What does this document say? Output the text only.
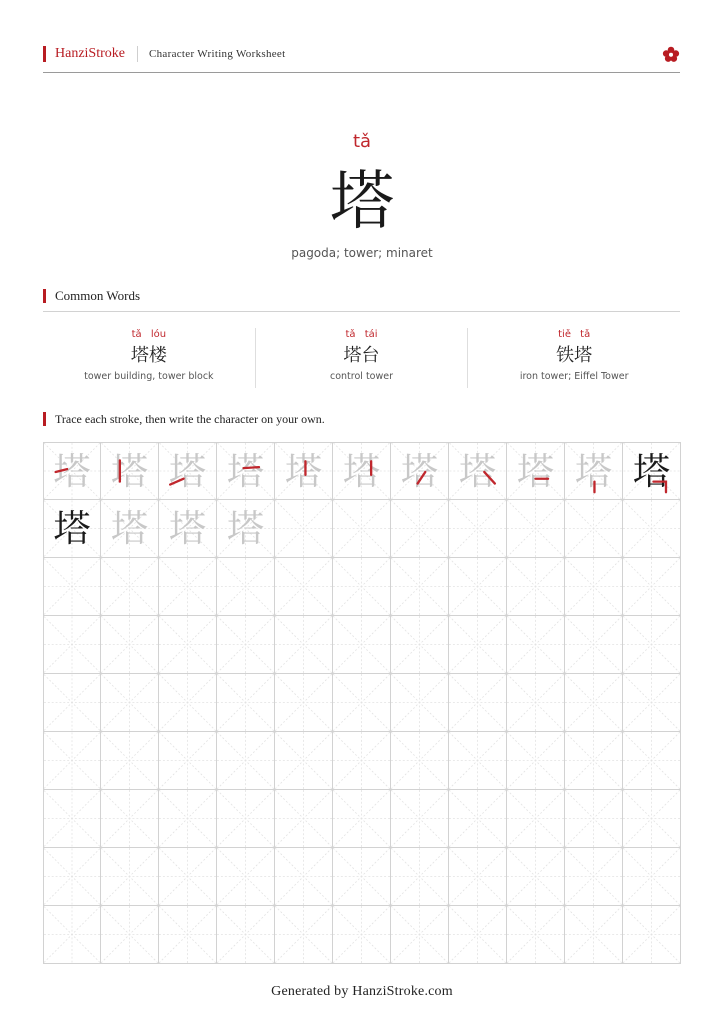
HanziStroke Character Writing Worksheet
tǎ
塔
pagoda; tower; minaret
Common Words
tǎ lóu
塔楼
tower building, tower block
tǎ tái
塔台
control tower
tiě tǎ
铁塔
iron tower; Eiffel Tower
Trace each stroke, then write the character on your own.
塔 塔 塔 塔 塔 塔 塔 塔 塔 塔 塔
塔 塔 塔 塔
Generated by HanziStroke.com
